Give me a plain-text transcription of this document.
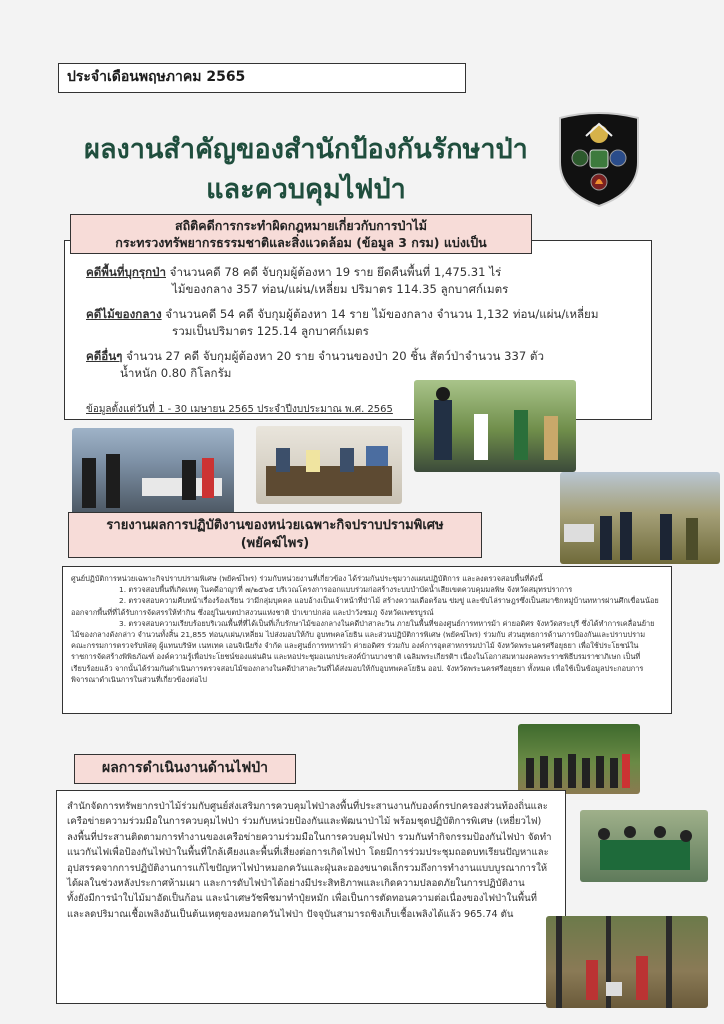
ประจำเดือนพฤษภาคม 2565
ผลงานสำคัญของสำนักป้องกันรักษาป่า
และควบคุมไฟป่า
สถิติคดีการกระทำผิดกฎหมายเกี่ยวกับการป่าไม้
กระทรวงทรัพยากรธรรมชาติและสิ่งแวดล้อม (ข้อมูล 3 กรม) แบ่งเป็น
คดีพื้นที่บุกรุกป่า จำนวนคดี 78 คดี จับกุมผู้ต้องหา 19 ราย ยึดคืนพื้นที่ 1,475.31 ไร่
ไม้ของกลาง 357 ท่อน/แผ่น/เหลี่ยม ปริมาตร 114.35 ลูกบาศก์เมตร
คดีไม้ของกลาง จำนวนคดี 54 คดี จับกุมผู้ต้องหา 14 ราย ไม้ของกลาง จำนวน 1,132 ท่อน/แผ่น/เหลี่ยม
รวมเป็นปริมาตร 125.14 ลูกบาศก์เมตร
คดีอื่นๆ จำนวน 27 คดี จับกุมผู้ต้องหา 20 ราย จำนวนของป่า 20 ชิ้น สัตว์ป่าจำนวน 337 ตัว
น้ำหนัก 0.80 กิโลกรัม
ข้อมูลตั้งแต่วันที่ 1 - 30 เมษายน 2565 ประจำปีงบประมาณ พ.ศ. 2565
รายงานผลการปฏิบัติงานของหน่วยเฉพาะกิจปราบปรามพิเศษ
(พยัคฆ์ไพร)

ศูนย์ปฏิบัติการหน่วยเฉพาะกิจปราบปรามพิเศษ (พยัคฆ์ไพร) ร่วมกับหน่วยงานที่เกี่ยวข้อง ได้ร่วมกันประชุมวางแผนปฏิบัติการ และลงตรวจสอบพื้นที่ดังนี้

1. ตรวจสอบพื้นที่เกิดเหตุ ในคดีอาญาที่ ๗/๒๕๖๕ บริเวณโครงการออกแบบร่วมก่อสร้างระบบบำบัดน้ำเสียเขตควบคุมมลพิษ จังหวัดสมุทรปราการ

2. ตรวจสอบความคืบหน้าเรื่องร้องเรียน ว่ามีกลุ่มบุคคล แอบอ้างเป็นเจ้าหน้าที่ป่าไม้ สร้างความเดือดร้อน ข่มขู่ และขับไล่ราษฎรซึ่งเป็นสมาชิกหมู่บ้านทหารผ่านศึกเขื่อนน้อย ออกจากพื้นที่ที่ได้รับการจัดสรรให้ทำกิน ซึ่งอยู่ในเขตป่าสงวนแห่งชาติ ป่าเขาปกล่อ และป่าวังชมภู จังหวัดเพชรบูรณ์

3. ตรวจสอบความเรียบร้อยบริเวณพื้นที่ที่ได้เป็นที่เก็บรักษาไม้ของกลางในคดีป่าสาละวิน ภายในพื้นที่ของศูนย์การทหารม้า ค่ายอดิศร จังหวัดสระบุรี ซึ่งได้ทำการเคลื่อนย้ายไม้ของกลางดังกล่าว จำนวนทั้งสิ้น 21,855 ท่อน/แผ่น/เหลี่ยม ไปส่งมอบให้กับ อูบทพคลโยธิน และส่วนปฏิบัติการพิเศษ (พยัคฆ์ไพร) ร่วมกับ ส่วนยุทธการด้านการป้องกันและปราบปราม คณะกรรมการตรวจรับพัสดุ ผู้แทนบริษัท เนทเทค เอนจิเนียริ่ง จำกัด และศูนย์การทหารม้า ค่ายอดิศร ร่วมกับ องค์การอุตสาหกรรมป่าไม้ จังหวัดพระนครศรีอยุธยา เพื่อใช้ประโยชน์ในราชการจัดสร้างพิพิธภัณฑ์ องค์ความรู้เพื่อประโยชน์ของแผ่นดิน และหอประชุมอเนกประสงค์บ้านบางชาติ เฉลิมพระเกียรติฯ เนื่องในโอกาสมหามงคลพระราชพิธีบรมราชาภิเษก เป็นที่เรียบร้อยแล้ว จากนั้นได้ร่วมกันดำเนินการตรวจสอบไม้ของกลางในคดีป่าสาละวินที่ได้ส่งมอบให้กับอูบทพคลโยธิน ออป. จังหวัดพระนครศรีอยุธยา ทั้งหมด เพื่อใช้เป็นข้อมูลประกอบการพิจารณาดำเนินการในส่วนที่เกี่ยวข้องต่อไป

สำนักจัดการทรัพยากรป่าไม้ร่วมกับศูนย์ส่งเสริมการควบคุมไฟป่าลงพื้นที่ประสานงานกับองค์กรปกครองส่วนท้องถิ่นและเครือข่ายความร่วมมือในการควบคุมไฟป่า ร่วมกับหน่วยป้องกันและพัฒนาป่าไม้ พร้อมชุดปฏิบัติการพิเศษ (เหยี่ยวไฟ) ลงพื้นที่ประสานติดตามการทำงานของเครือข่ายความร่วมมือในการควบคุมไฟป่า รวมกันทำกิจกรรมป้องกันไฟป่า จัดทำแนวกันไฟเพื่อป้องกันไฟป่าในพื้นที่ใกล้เคียงและพื้นที่เสี่ยงต่อการเกิดไฟป่า โดยมีการร่วมประชุมถอดบทเรียนปัญหาและอุปสรรคจากการปฏิบัติงานการแก้ไขปัญหาไฟป่าหมอกควันและฝุ่นละอองขนาดเล็กรวมถึงการทำงานแบบบูรณาการให้ได้ผลในช่วงหลังประกาศห้ามเผา และการดับไฟป่าได้อย่างมีประสิทธิภาพและเกิดความปลอดภัยในการปฏิบัติงาน

ทั้งยังมีการนำใบไม้มาอัดเป็นก้อน และนำเศษวัชพืชมาทำปุ๋ยหมัก เพื่อเป็นการตัดทอนความต่อเนื่องของไฟป่าในพื้นที่ และลดปริมาณเชื้อเพลิงอันเป็นต้นเหตุของหมอกควันไฟป่า ปัจจุบันสามารถชิงเก็บเชื้อเพลิงได้แล้ว 965.74 ตัน

ผลการดำเนินงานด้านไฟป่า
